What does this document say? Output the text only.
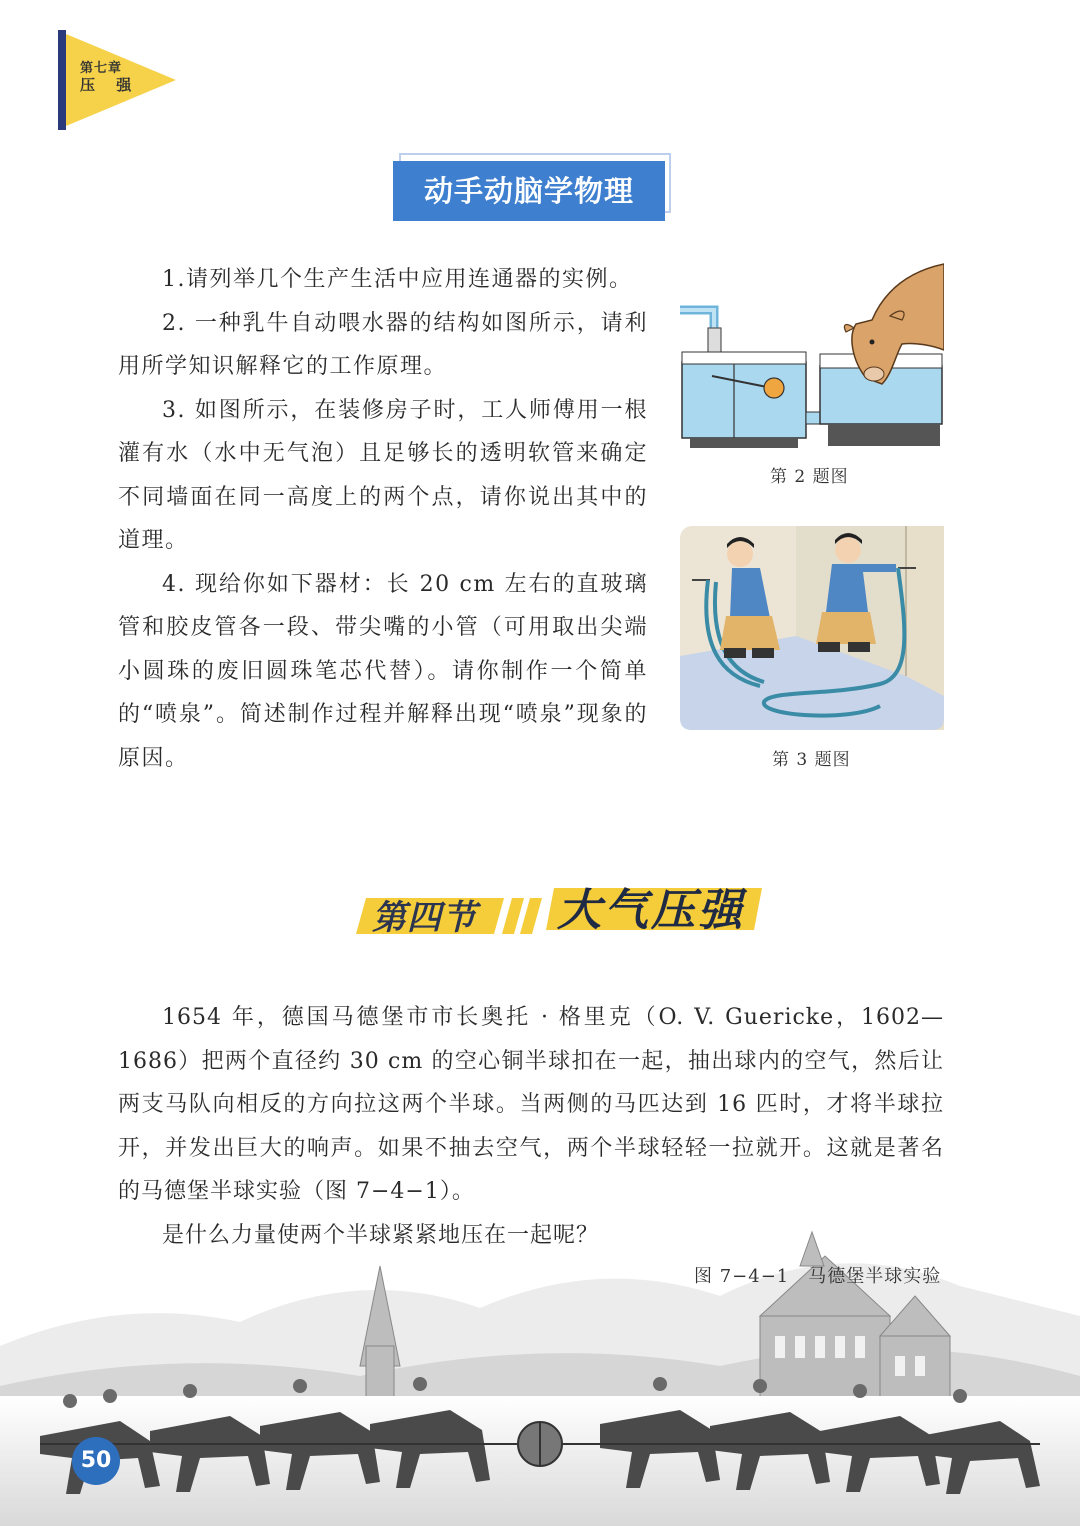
第七章
压 强
动手动脑学物理

1.请列举几个生产生活中应用连通器的实例。

2. 一种乳牛自动喂水器的结构如图所示，请利用所学知识解释它的工作原理。

3. 如图所示，在装修房子时，工人师傅用一根灌有水（水中无气泡）且足够长的透明软管来确定不同墙面在同一高度上的两个点，请你说出其中的道理。

4. 现给你如下器材：长 20 cm 左右的直玻璃管和胶皮管各一段、带尖嘴的小管（可用取出尖端小圆珠的废旧圆珠笔芯代替）。请你制作一个简单的“喷泉”。简述制作过程并解释出现“喷泉”现象的原因。

第 2 题图
第 3 题图
第四节 大气压强

1654 年，德国马德堡市市长奥托 · 格里克（O. V. Guericke，1602—1686）把两个直径约 30 cm 的空心铜半球扣在一起，抽出球内的空气，然后让两支马队向相反的方向拉这两个半球。当两侧的马匹达到 16 匹时，才将半球拉开，并发出巨大的响声。如果不抽去空气，两个半球轻轻一拉就开。这就是著名的马德堡半球实验（图 7−4−1）。

是什么力量使两个半球紧紧地压在一起呢？

图 7−4−1　马德堡半球实验
50
